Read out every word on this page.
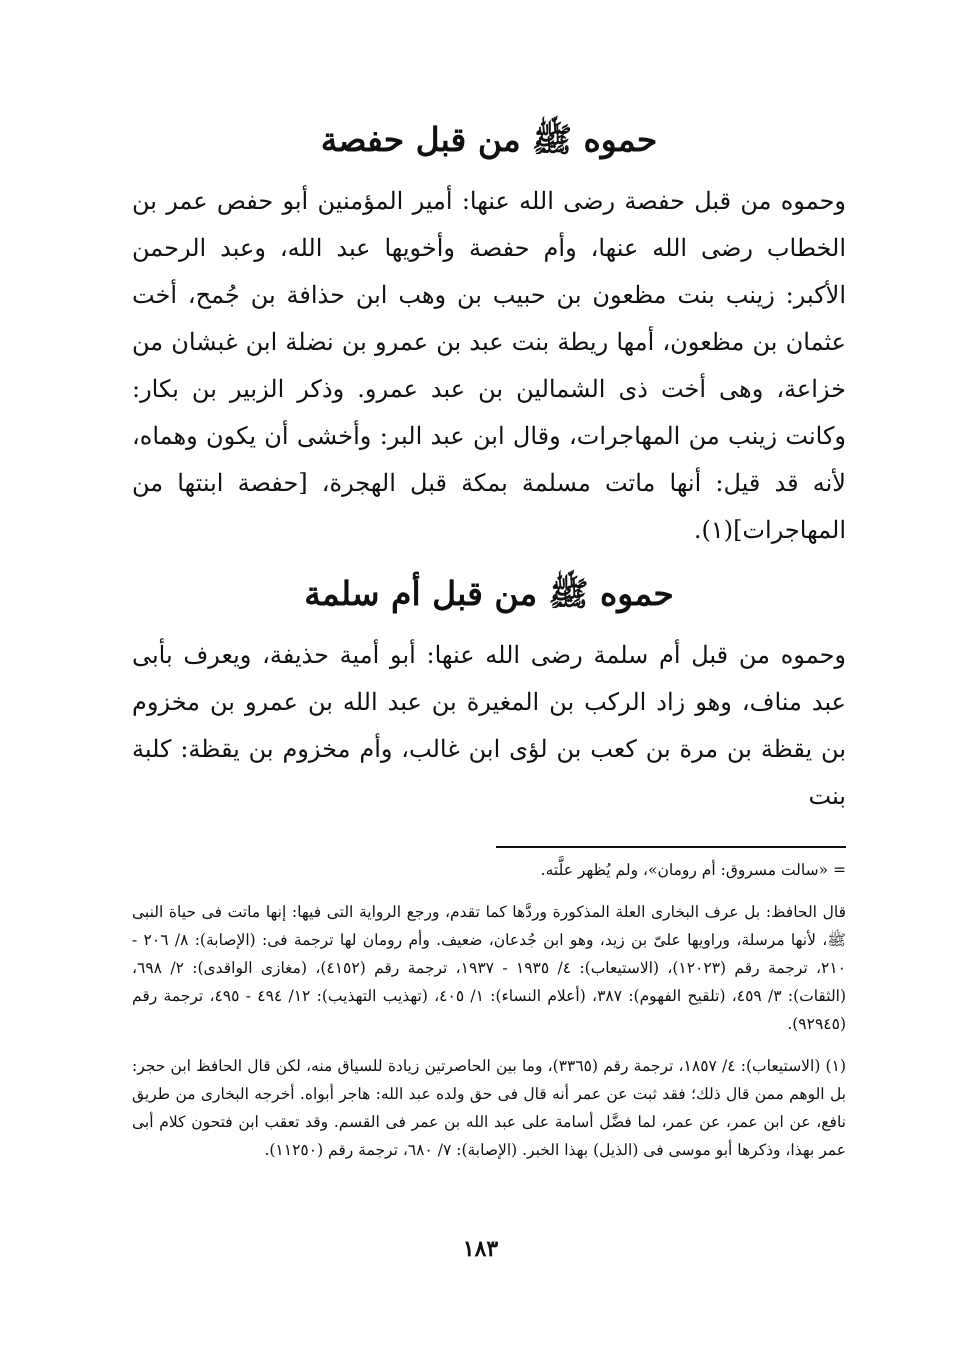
حموه ﷺ من قبل حفصة

وحموه من قبل حفصة رضى الله عنها: أمير المؤمنين أبو حفص عمر بن الخطاب رضى الله عنها، وأم حفصة وأخويها عبد الله، وعبد الرحمن الأكبر: زينب بنت مظعون بن حبيب بن وهب ابن حذافة بن جُمح، أخت عثمان بن مظعون، أمها ريطة بنت عبد بن عمرو بن نضلة ابن غبشان من خزاعة، وهى أخت ذى الشمالين بن عبد عمرو. وذكر الزبير بن بكار: وكانت زينب من المهاجرات، وقال ابن عبد البر: وأخشى أن يكون وهماه، لأنه قد قيل: أنها ماتت مسلمة بمكة قبل الهجرة، [حفصة ابنتها من المهاجرات](١).

حموه ﷺ من قبل أم سلمة

وحموه من قبل أم سلمة رضى الله عنها: أبو أمية حذيفة، ويعرف بأبى عبد مناف، وهو زاد الركب بن المغيرة بن عبد الله بن عمرو بن مخزوم بن يقظة بن مرة بن كعب بن لؤى ابن غالب، وأم مخزوم بن يقظة: كلبة بنت

= «سالت مسروق: أم رومان»، ولم يُظهر علَّته.

قال الحافظ: بل عرف البخارى العلة المذكورة وردَّها كما تقدم، ورجع الرواية التى فيها: إنها ماتت فى حياة النبى ﷺ، لأنها مرسلة، وراويها علىّ بن زيد، وهو ابن جُدعان، ضعيف. وأم رومان لها ترجمة فى: (الإصابة): ٨/ ٢٠٦ - ٢١٠، ترجمة رقم (١٢٠٢٣)، (الاستيعاب): ٤/ ١٩٣٥ - ١٩٣٧، ترجمة رقم (٤١٥٢)، (مغازى الواقدى): ٢/ ٦٩٨، (الثقات): ٣/ ٤٥٩، (تلقيح الفهوم): ٣٨٧، (أعلام النساء): ١/ ٤٠٥، (تهذيب التهذيب): ١٢/ ٤٩٤ - ٤٩٥، ترجمة رقم (٩٢٩٤٥).

(١) (الاستيعاب): ٤/ ١٨٥٧، ترجمة رقم (٣٣٦٥)، وما بين الحاصرتين زيادة للسياق منه، لكن قال الحافظ ابن حجر: بل الوهم ممن قال ذلك؛ فقد ثبت عن عمر أنه قال فى حق ولده عبد الله: هاجر أبواه. أخرجه البخارى من طريق نافع، عن ابن عمر، عن عمر، لما فضَّل أسامة على عبد الله بن عمر فى القسم. وقد تعقب ابن فتحون كلام أبى عمر بهذا، وذكرها أبو موسى فى (الذيل) بهذا الخبر. (الإصابة): ٧/ ٦٨٠، ترجمة رقم (١١٢٥٠).

١٨٣
